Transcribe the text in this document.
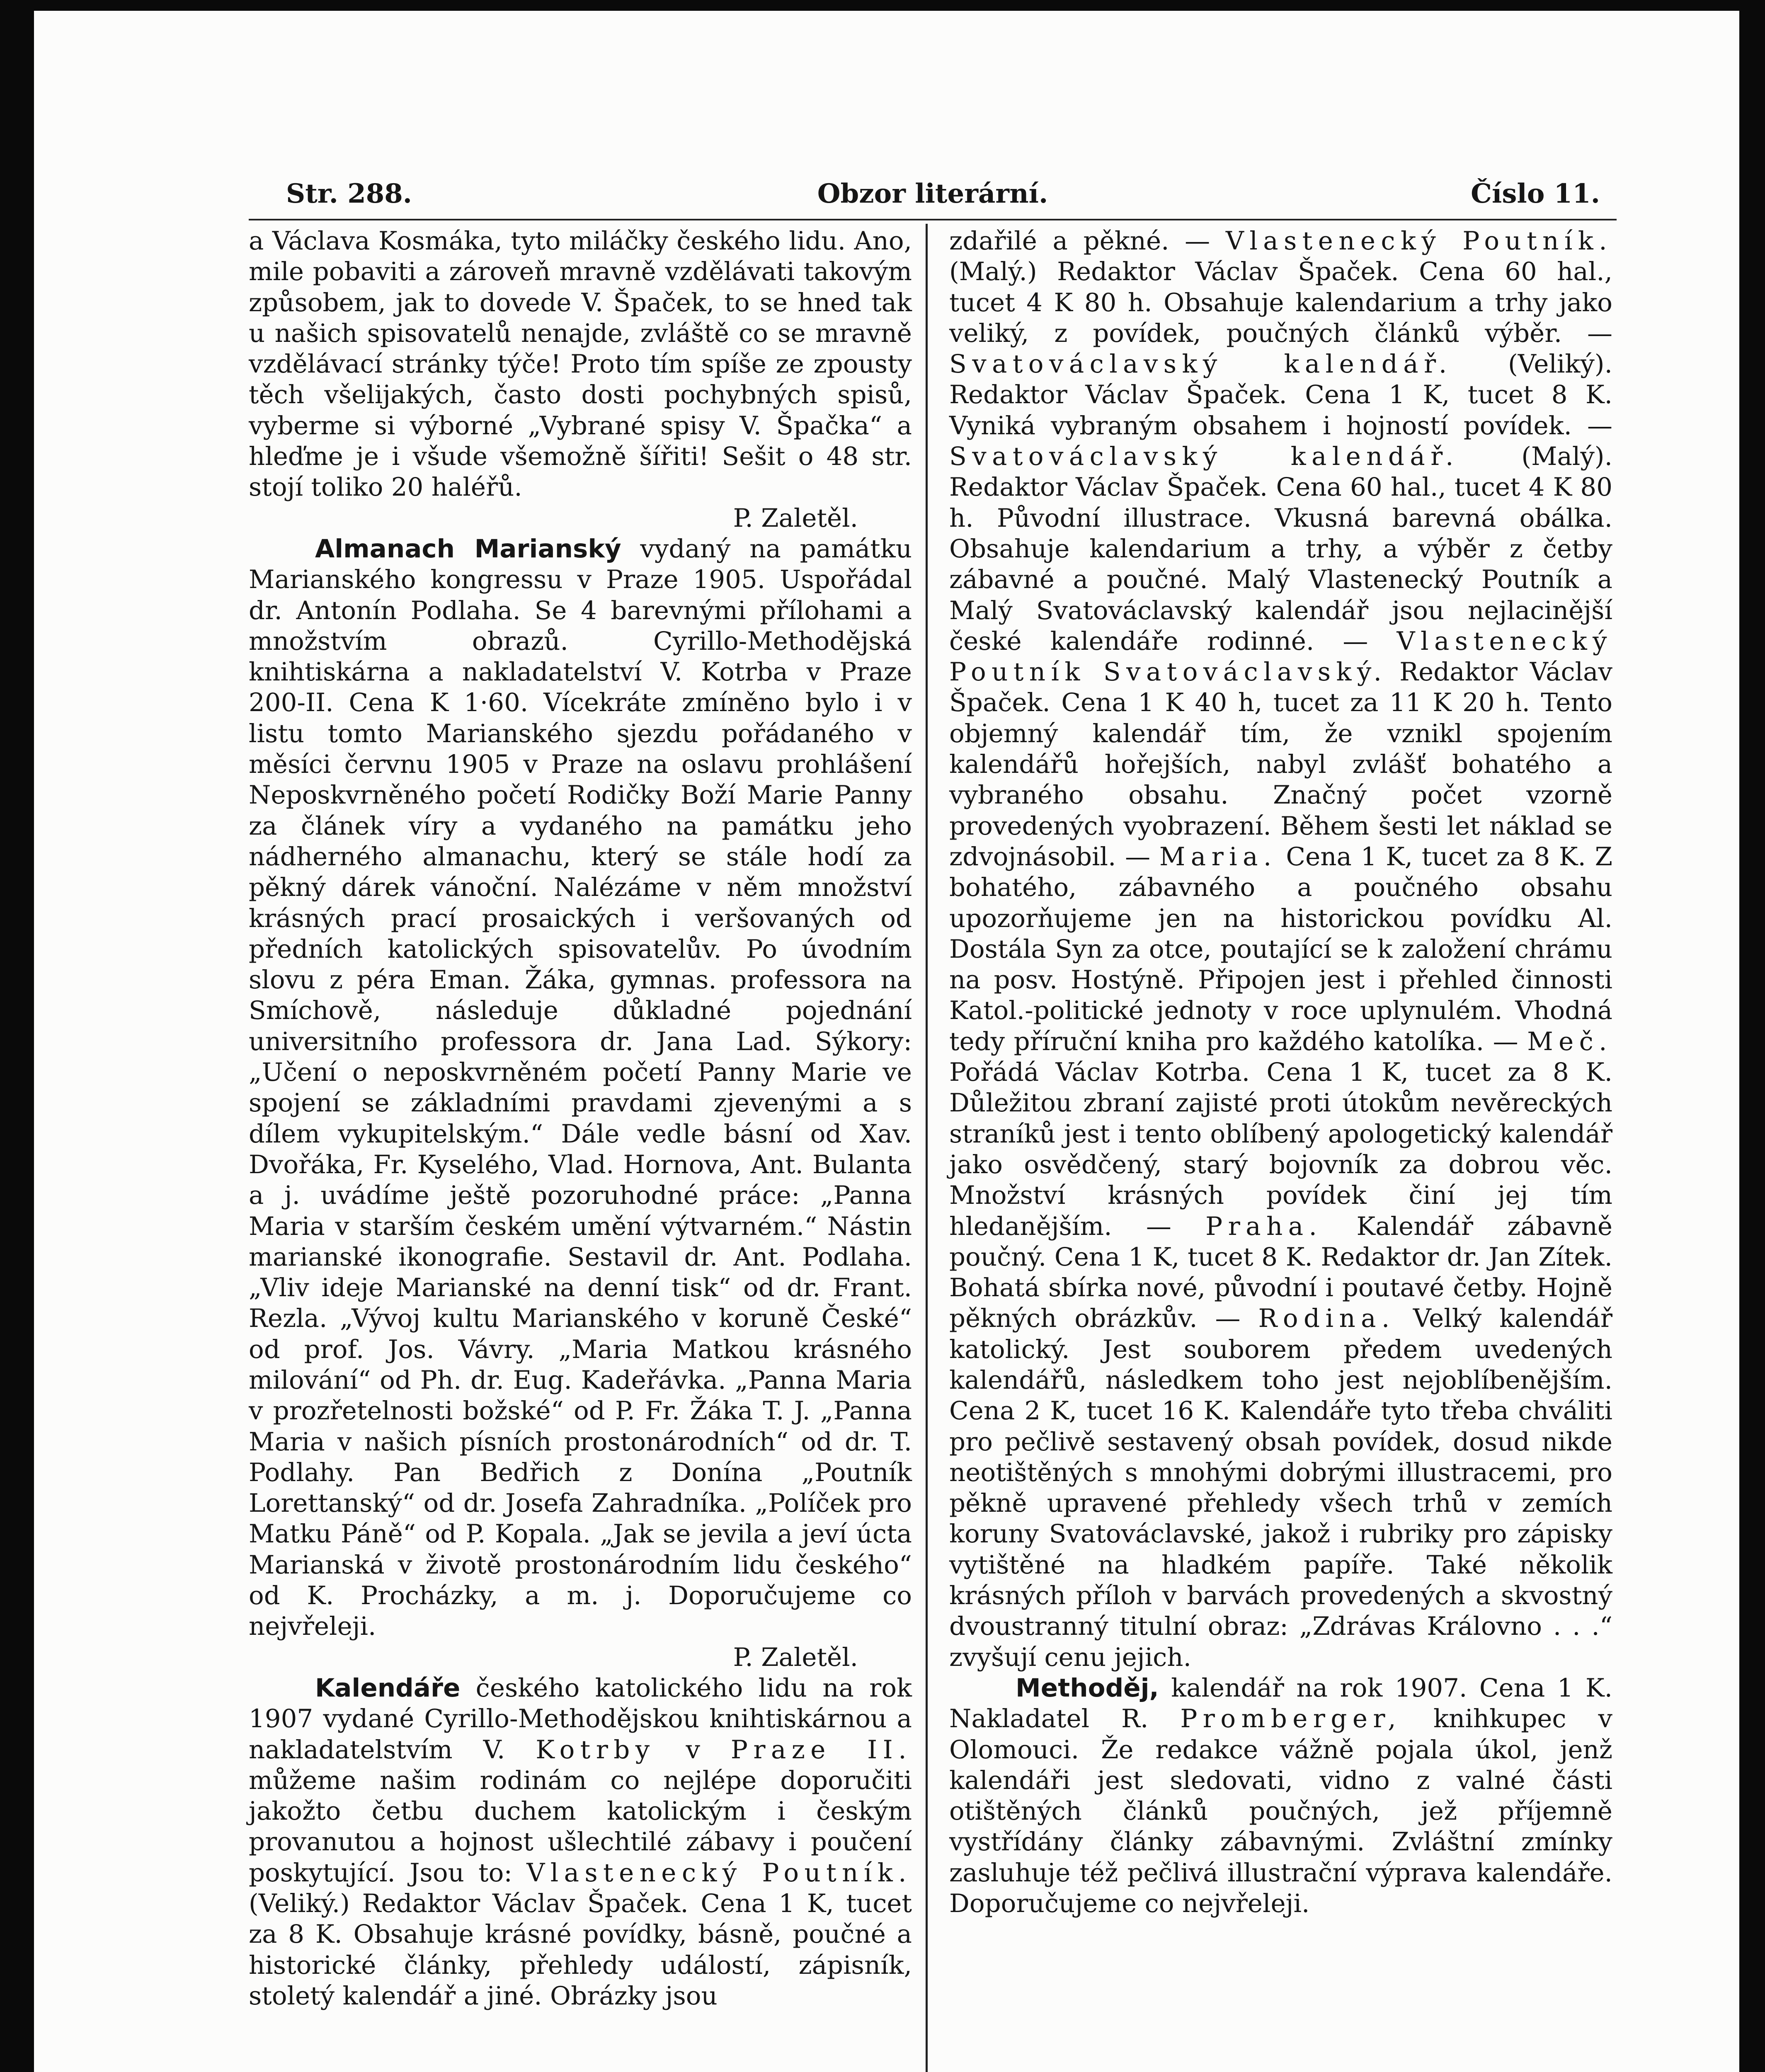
Str. 288.	Obzor literární.	Číslo 11.

a Václava Kosmáka, tyto miláčky českého lidu. Ano, mile pobaviti a zároveň mravně vzdělávati takovým způsobem, jak to dovede V. Špaček, to se hned tak u našich spisovatelů nenajde, zvláště co se mravně vzdělávací stránky týče! Proto tím spíše ze zpousty těch všelijakých, často dosti pochybných spisů, vyberme si výborné „Vybrané spisy V. Špačka“ a hleďme je i všude všemožně šířiti! Sešit o 48 str. stojí toliko 20 haléřů.
P. Zaletěl.

Almanach Marianský vydaný na památku Marianského kongressu v Praze 1905. Uspořádal dr. Antonín Podlaha. Se 4 barevnými přílohami a množstvím obrazů. Cyrillo-Methodějská knihtiskárna a nakladatelství V. Kotrba v Praze 200-II. Cena K 1·60. Vícekráte zmíněno bylo i v listu tomto Marianského sjezdu pořádaného v měsíci červnu 1905 v Praze na oslavu prohlášení Neposkvrněného početí Rodičky Boží Marie Panny za článek víry a vydaného na památku jeho nádherného almanachu, který se stále hodí za pěkný dárek vánoční. Nalézáme v něm množství krásných prací prosaických i veršovaných od předních katolických spisovatelův. Po úvodním slovu z péra Eman. Žáka, gymnas. professora na Smíchově, následuje důkladné pojednání universitního professora dr. Jana Lad. Sýkory: „Učení o neposkvrněném početí Panny Marie ve spojení se základními pravdami zjevenými a s dílem vykupitelským.“ Dále vedle básní od Xav. Dvořáka, Fr. Kyselého, Vlad. Hornova, Ant. Bulanta a j. uvádíme ještě pozoruhodné práce: „Panna Maria v starším českém umění výtvarném.“ Nástin marianské ikonografie. Sestavil dr. Ant. Podlaha. „Vliv ideje Marianské na denní tisk“ od dr. Frant. Rezla. „Vývoj kultu Marianského v koruně České“ od prof. Jos. Vávry. „Maria Matkou krásného milování“ od Ph. dr. Eug. Kadeřávka. „Panna Maria v prozřetelnosti božské“ od P. Fr. Žáka T. J. „Panna Maria v našich písních prostonárodních“ od dr. T. Podlahy. Pan Bedřich z Donína „Poutník Lorettanský“ od dr. Josefa Zahradníka. „Políček pro Matku Páně“ od P. Kopala. „Jak se jevila a jeví úcta Marianská v životě prostonárodním lidu českého“ od K. Procházky, a m. j. Doporučujeme co nejvřeleji.
P. Zaletěl.

Kalendáře českého katolického lidu na rok 1907 vydané Cyrillo-Methodějskou knihtiskárnou a nakladatelstvím V. Kotrby v Praze II. můžeme našim rodinám co nejlépe doporučiti jakožto četbu duchem katolickým i českým provanutou a hojnost ušlechtilé zábavy i poučení poskytující. Jsou to: Vlastenecký Poutník. (Veliký.) Redaktor Václav Špaček. Cena 1 K, tucet za 8 K. Obsahuje krásné povídky, básně, poučné a historické články, přehledy událostí, zápisník, stoletý kalendář a jiné. Obrázky jsou

zdařilé a pěkné. — Vlastenecký Poutník. (Malý.) Redaktor Václav Špaček. Cena 60 hal., tucet 4 K 80 h. Obsahuje kalendarium a trhy jako veliký, z povídek, poučných článků výběr. — Svatováclavský kalendář. (Veliký). Redaktor Václav Špaček. Cena 1 K, tucet 8 K. Vyniká vybraným obsahem i hojností povídek. — Svatováclavský kalendář. (Malý). Redaktor Václav Špaček. Cena 60 hal., tucet 4 K 80 h. Původní illustrace. Vkusná barevná obálka. Obsahuje kalendarium a trhy, a výběr z četby zábavné a poučné. Malý Vlastenecký Poutník a Malý Svatováclavský kalendář jsou nejlacinější české kalendáře rodinné. — Vlastenecký Poutník Svatováclavský. Redaktor Václav Špaček. Cena 1 K 40 h, tucet za 11 K 20 h. Tento objemný kalendář tím, že vznikl spojením kalendářů hořejších, nabyl zvlášť bohatého a vybraného obsahu. Značný počet vzorně provedených vyobrazení. Během šesti let náklad se zdvojnásobil. — Maria. Cena 1 K, tucet za 8 K. Z bohatého, zábavného a poučného obsahu upozorňujeme jen na historickou povídku Al. Dostála Syn za otce, poutající se k založení chrámu na posv. Hostýně. Připojen jest i přehled činnosti Katol.-politické jednoty v roce uplynulém. Vhodná tedy příruční kniha pro každého katolíka. — Meč. Pořádá Václav Kotrba. Cena 1 K, tucet za 8 K. Důležitou zbraní zajisté proti útokům nevěreckých straníků jest i tento oblíbený apologetický kalendář jako osvědčený, starý bojovník za dobrou věc. Množství krásných povídek činí jej tím hledanějším. — Praha. Kalendář zábavně poučný. Cena 1 K, tucet 8 K. Redaktor dr. Jan Zítek. Bohatá sbírka nové, původní i poutavé četby. Hojně pěkných obrázkův. — Rodina. Velký kalendář katolický. Jest souborem předem uvedených kalendářů, následkem toho jest nejoblíbenějším. Cena 2 K, tucet 16 K. Kalendáře tyto třeba chváliti pro pečlivě sestavený obsah povídek, dosud nikde neotištěných s mnohými dobrými illustracemi, pro pěkně upravené přehledy všech trhů v zemích koruny Svatováclavské, jakož i rubriky pro zápisky vytištěné na hladkém papíře. Také několik krásných příloh v barvách provedených a skvostný dvoustranný titulní obraz: „Zdrávas Královno . . .“ zvyšují cenu jejich.

Methoděj, kalendář na rok 1907. Cena 1 K. Nakladatel R. Promberger, knihkupec v Olomouci. Že redakce vážně pojala úkol, jenž kalendáři jest sledovati, vidno z valné části otištěných článků poučných, jež příjemně vystřídány články zábavnými. Zvláštní zmínky zasluhuje též pečlivá illustrační výprava kalendáře. Doporučujeme co nejvřeleji.
